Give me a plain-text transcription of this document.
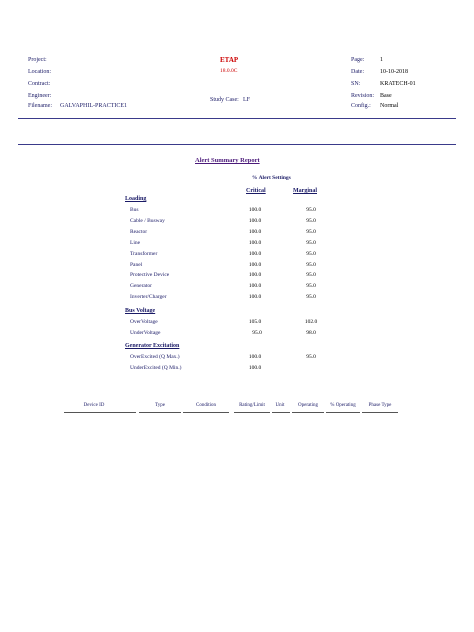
Project:
Location:
Contract:
Engineer:
Filename: GALVAPHIL-PRACTICE1
ETAP
18.0.0C
Study Case: LF
Page:	1
Date:	10-10-2018
SN:	KRATECH-01
Revision: Base
Config.: Normal
Alert Summary Report
% Alert Settings
Critical	Marginal
Loading
Bus	100.0	95.0
Cable / Busway	100.0	95.0
Reactor	100.0	95.0
Line	100.0	95.0
Transformer	100.0	95.0
Panel	100.0	95.0
Protective Device	100.0	95.0
Generator	100.0	95.0
Inverter/Charger	100.0	95.0
Bus Voltage
OverVoltage	105.0	102.0
UnderVoltage	95.0	98.0
Generator Excitation
OverExcited (Q Max.)	100.0	95.0
UnderExcited (Q Min.)	100.0
Device ID	Type	Condition	Rating/Limit	Unit	Operating	% Operating	Phase Type
